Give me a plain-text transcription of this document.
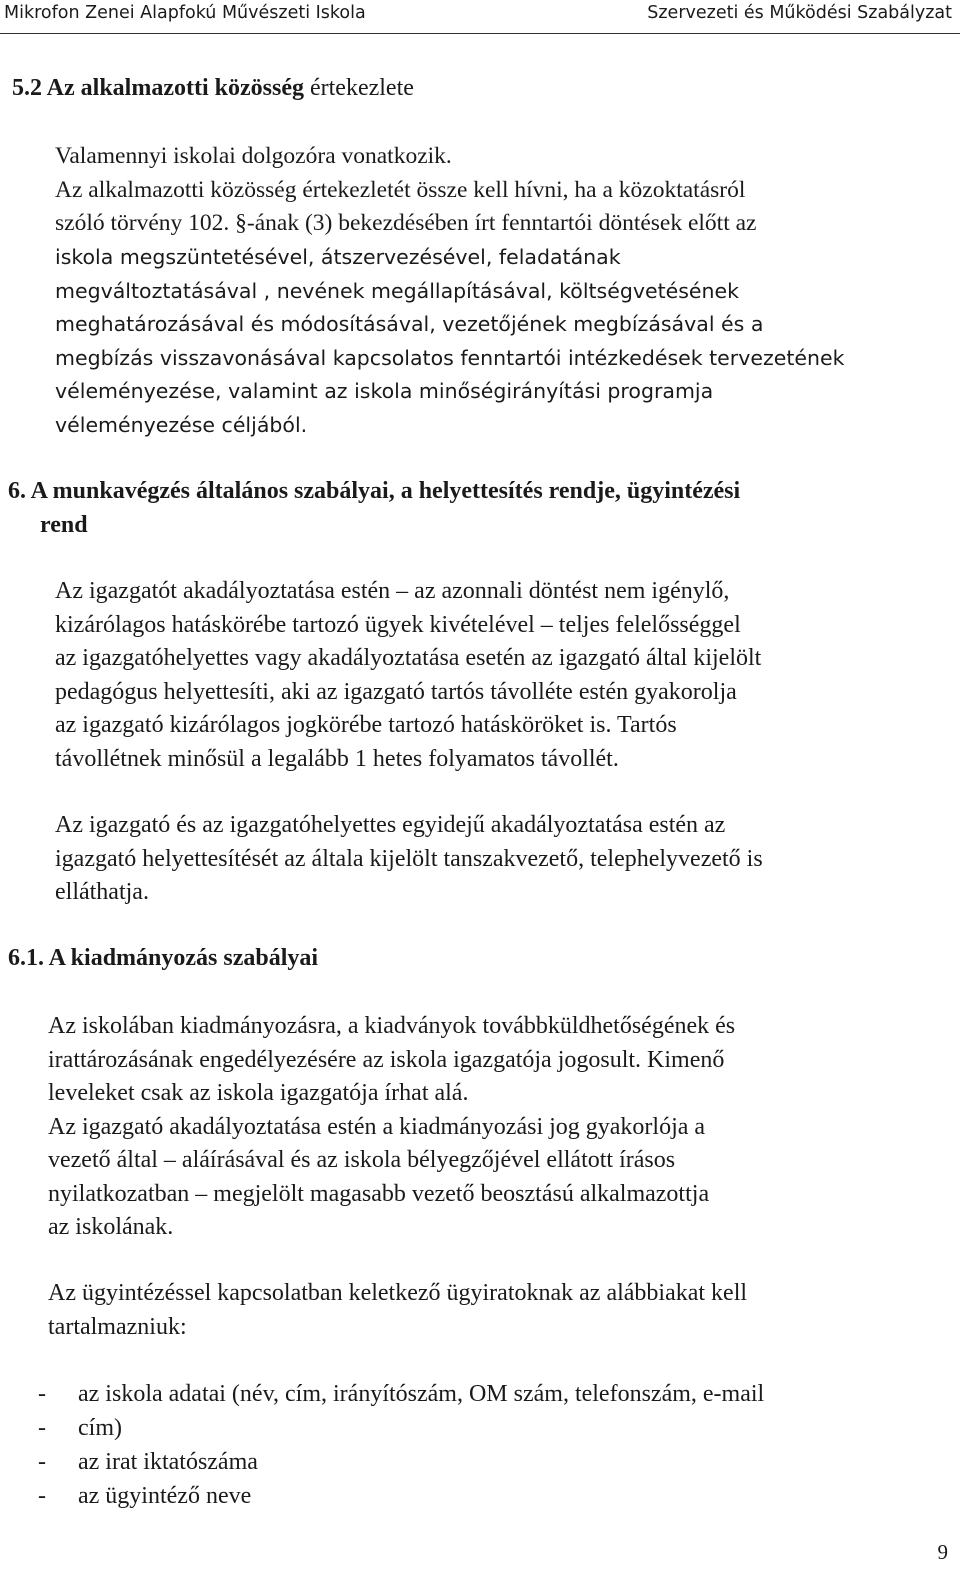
Mikrofon Zenei Alapfokú Művészeti Iskola	Szervezeti és Működési Szabályzat
5.2 Az alkalmazotti közösség értekezlete
Valamennyi iskolai dolgozóra vonatkozik.
Az alkalmazotti közösség értekezletét össze kell hívni, ha a közoktatásról
szóló törvény 102. §-ának (3) bekezdésében írt fenntartói döntések előtt az
iskola megszüntetésével, átszervezésével, feladatának
megváltoztatásával , nevének megállapításával, költségvetésének
meghatározásával és módosításával, vezetőjének megbízásával és a
megbízás visszavonásával kapcsolatos fenntartói intézkedések tervezetének
véleményezése, valamint az iskola minőségirányítási programja
véleményezése céljából.
6. A munkavégzés általános szabályai, a helyettesítés rendje, ügyintézési
rend
Az igazgatót akadályoztatása estén – az azonnali döntést nem igénylő,
kizárólagos hatáskörébe tartozó ügyek kivételével – teljes felelősséggel
az igazgatóhelyettes vagy akadályoztatása esetén az igazgató által kijelölt
pedagógus helyettesíti, aki az igazgató tartós távolléte estén gyakorolja
az igazgató kizárólagos jogkörébe tartozó hatásköröket is. Tartós
távollétnek minősül a legalább 1 hetes folyamatos távollét.
Az igazgató és az igazgatóhelyettes egyidejű akadályoztatása estén az
igazgató helyettesítését az általa kijelölt tanszakvezető, telephelyvezető is
elláthatja.
6.1. A kiadmányozás szabályai
Az iskolában kiadmányozásra, a kiadványok továbbküldhetőségének és
irattározásának engedélyezésére az iskola igazgatója jogosult. Kimenő
leveleket csak az iskola igazgatója írhat alá.
Az igazgató akadályoztatása estén a kiadmányozási jog gyakorlója a
vezető által – aláírásával és az iskola bélyegzőjével ellátott írásos
nyilatkozatban – megjelölt magasabb vezető beosztású alkalmazottja
az iskolának.
Az ügyintézéssel kapcsolatban keletkező ügyiratoknak az alábbiakat kell
tartalmazniuk:
- az iskola adatai (név, cím, irányítószám, OM szám, telefonszám, e-mail
- cím)
- az irat iktatószáma
- az ügyintéző neve
9
